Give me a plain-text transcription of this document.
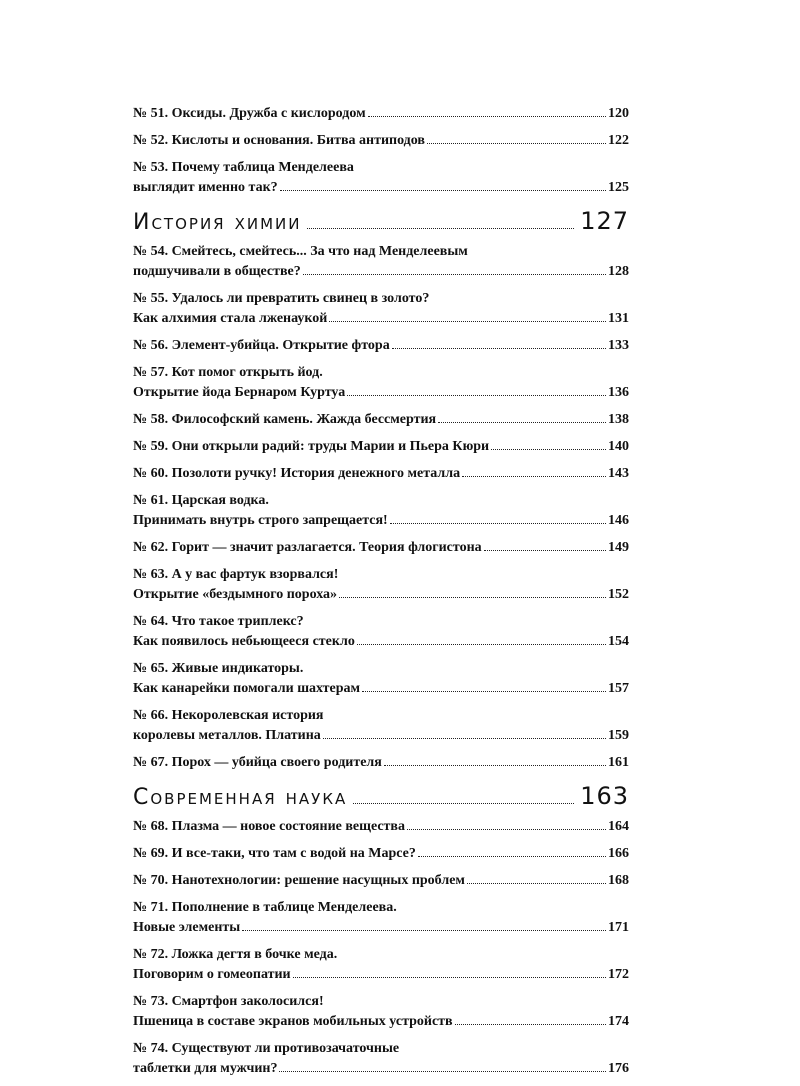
№ 51. Оксиды. Дружба с кислородом	120
№ 52. Кислоты и основания. Битва антиподов	122
№ 53. Почему таблица Менделеева
выглядит именно так?	125
История химии	127
№ 54. Смейтесь, смейтесь... За что над Менделеевым
подшучивали в обществе?	128
№ 55. Удалось ли превратить свинец в золото?
Как алхимия стала лженаукой	131
№ 56. Элемент-убийца. Открытие фтора	133
№ 57. Кот помог открыть йод.
Открытие йода Бернаром Куртуа	136
№ 58. Философский камень. Жажда бессмертия	138
№ 59. Они открыли радий: труды Марии и Пьера Кюри	140
№ 60. Позолоти ручку! История денежного металла	143
№ 61. Царская водка.
Принимать внутрь строго запрещается!	146
№ 62. Горит — значит разлагается. Теория флогистона	149
№ 63. А у вас фартук взорвался!
Открытие «бездымного пороха»	152
№ 64. Что такое триплекс?
Как появилось небьющееся стекло	154
№ 65. Живые индикаторы.
Как канарейки помогали шахтерам	157
№ 66. Некоролевская история
королевы металлов. Платина	159
№ 67. Порох — убийца своего родителя	161
Современная наука	163
№ 68. Плазма — новое состояние вещества	164
№ 69. И все-таки, что там с водой на Марсе?	166
№ 70. Нанотехнологии: решение насущных проблем	168
№ 71. Пополнение в таблице Менделеева.
Новые элементы	171
№ 72. Ложка дегтя в бочке меда.
Поговорим о гомеопатии	172
№ 73. Смартфон заколосился!
Пшеница в составе экранов мобильных устройств	174
№ 74. Существуют ли противозачаточные
таблетки для мужчин?	176
